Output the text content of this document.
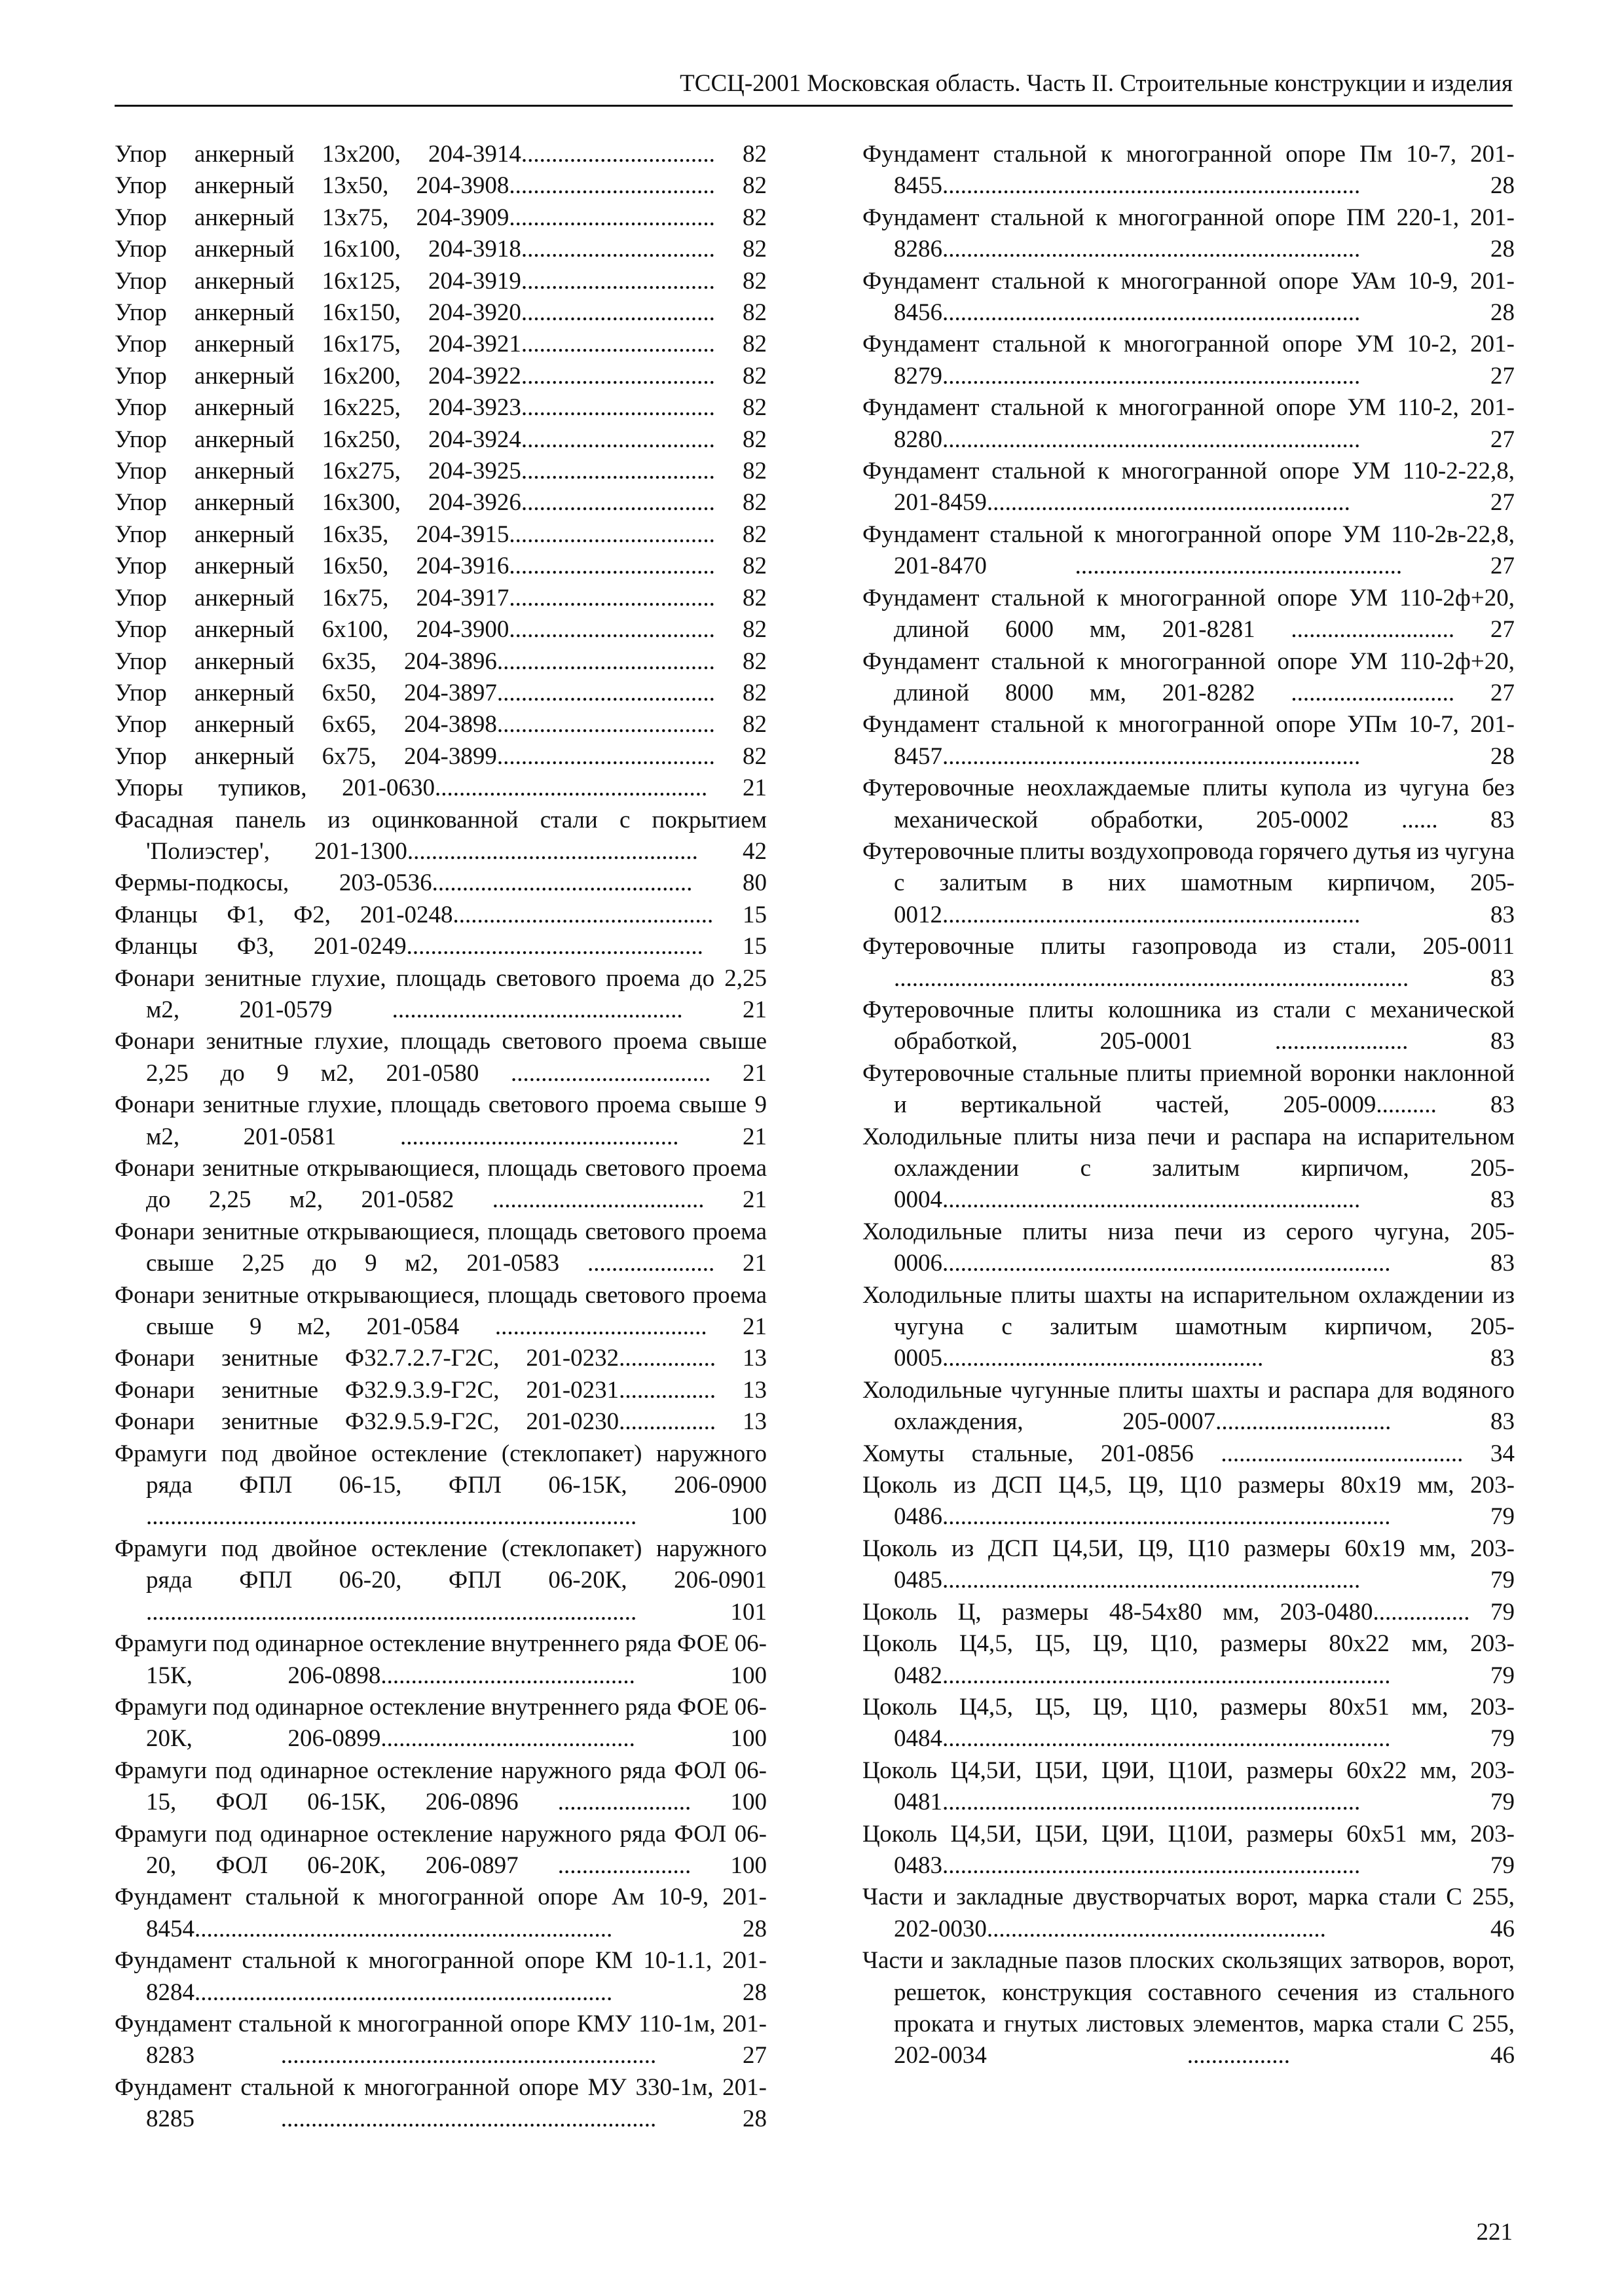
ТССЦ-2001 Московская область. Часть II. Строительные конструкции и изделия
Упор анкерный 13x200, 204-3914................................ 82
Упор анкерный 13x50, 204-3908.................................. 82
Упор анкерный 13x75, 204-3909.................................. 82
Упор анкерный 16x100, 204-3918................................ 82
Упор анкерный 16x125, 204-3919................................ 82
Упор анкерный 16x150, 204-3920................................ 82
Упор анкерный 16x175, 204-3921................................ 82
Упор анкерный 16x200, 204-3922................................ 82
Упор анкерный 16x225, 204-3923................................ 82
Упор анкерный 16x250, 204-3924................................ 82
Упор анкерный 16x275, 204-3925................................ 82
Упор анкерный 16x300, 204-3926................................ 82
Упор анкерный 16x35, 204-3915.................................. 82
Упор анкерный 16x50, 204-3916.................................. 82
Упор анкерный 16x75, 204-3917.................................. 82
Упор анкерный 6x100, 204-3900.................................. 82
Упор анкерный 6x35, 204-3896.................................... 82
Упор анкерный 6x50, 204-3897.................................... 82
Упор анкерный 6x65, 204-3898.................................... 82
Упор анкерный 6x75, 204-3899.................................... 82
Упоры тупиков, 201-0630............................................. 21
Фасадная панель из оцинкованной стали с покрытием 'Полиэстер', 201-1300................................................ 42
Фермы-подкосы, 203-0536........................................... 80
Фланцы Ф1, Ф2, 201-0248........................................... 15
Фланцы Ф3, 201-0249................................................. 15
Фонари зенитные глухие, площадь светового проема до 2,25 м2, 201-0579 ................................................ 21
Фонари зенитные глухие, площадь светового проема свыше 2,25 до 9 м2, 201-0580 ................................. 21
Фонари зенитные глухие, площадь светового проема свыше 9 м2, 201-0581 .............................................. 21
Фонари зенитные открывающиеся, площадь светового проема до 2,25 м2, 201-0582 ................................... 21
Фонари зенитные открывающиеся, площадь светового проема свыше 2,25 до 9 м2, 201-0583 ..................... 21
Фонари зенитные открывающиеся, площадь светового проема свыше 9 м2, 201-0584 ................................... 21
Фонари зенитные Ф32.7.2.7-Г2С, 201-0232................ 13
Фонари зенитные Ф32.9.3.9-Г2С, 201-0231................ 13
Фонари зенитные Ф32.9.5.9-Г2С, 201-0230................ 13
Фрамуги под двойное остекление (стеклопакет) наружного ряда ФПЛ 06-15, ФПЛ 06-15К, 206-0900 ................................................................................. 100
Фрамуги под двойное остекление (стеклопакет) наружного ряда ФПЛ 06-20, ФПЛ 06-20К, 206-0901 ................................................................................. 101
Фрамуги под одинарное остекление внутреннего ряда ФОЕ 06-15К, 206-0898.......................................... 100
Фрамуги под одинарное остекление внутреннего ряда ФОЕ 06-20К, 206-0899.......................................... 100
Фрамуги под одинарное остекление наружного ряда ФОЛ 06-15, ФОЛ 06-15К, 206-0896 ...................... 100
Фрамуги под одинарное остекление наружного ряда ФОЛ 06-20, ФОЛ 06-20К, 206-0897 ...................... 100
Фундамент стальной к многогранной опоре Ам 10-9, 201-8454..................................................................... 28
Фундамент стальной к многогранной опоре КМ 10-1.1, 201-8284..................................................................... 28
Фундамент стальной к многогранной опоре КМУ 110-1м, 201-8283 .............................................................. 27
Фундамент стальной к многогранной опоре МУ 330-1м, 201-8285 .............................................................. 28
Фундамент стальной к многогранной опоре Пм 10-7, 201-8455..................................................................... 28
Фундамент стальной к многогранной опоре ПМ 220-1, 201-8286..................................................................... 28
Фундамент стальной к многогранной опоре УАм 10-9, 201-8456..................................................................... 28
Фундамент стальной к многогранной опоре УМ 10-2, 201-8279..................................................................... 27
Фундамент стальной к многогранной опоре УМ 110-2, 201-8280..................................................................... 27
Фундамент стальной к многогранной опоре УМ 110-2-22,8, 201-8459............................................................ 27
Фундамент стальной к многогранной опоре УМ 110-2в-22,8, 201-8470 ...................................................... 27
Фундамент стальной к многогранной опоре УМ 110-2ф+20, длиной 6000 мм, 201-8281 ........................... 27
Фундамент стальной к многогранной опоре УМ 110-2ф+20, длиной 8000 мм, 201-8282 ........................... 27
Фундамент стальной к многогранной опоре УПм 10-7, 201-8457..................................................................... 28
Футеровочные неохлаждаемые плиты купола из чугуна без механической обработки, 205-0002 ...... 83
Футеровочные плиты воздухопровода горячего дутья из чугуна с залитым в них шамотным кирпичом, 205-0012..................................................................... 83
Футеровочные плиты газопровода из стали, 205-0011 ..................................................................................... 83
Футеровочные плиты колошника из стали с механической обработкой, 205-0001 ...................... 83
Футеровочные стальные плиты приемной воронки наклонной и вертикальной частей, 205-0009.......... 83
Холодильные плиты низа печи и распара на испарительном охлаждении с залитым кирпичом, 205-0004..................................................................... 83
Холодильные плиты низа печи из серого чугуна, 205-0006.......................................................................... 83
Холодильные плиты шахты на испарительном охлаждении из чугуна с залитым шамотным кирпичом, 205-0005..................................................... 83
Холодильные чугунные плиты шахты и распара для водяного охлаждения, 205-0007............................. 83
Хомуты стальные, 201-0856 ........................................ 34
Цоколь из ДСП Ц4,5, Ц9, Ц10 размеры 80x19 мм, 203-0486.......................................................................... 79
Цоколь из ДСП Ц4,5И, Ц9, Ц10 размеры 60x19 мм, 203-0485..................................................................... 79
Цоколь Ц, размеры 48-54x80 мм, 203-0480................ 79
Цоколь Ц4,5, Ц5, Ц9, Ц10, размеры 80x22 мм, 203-0482.......................................................................... 79
Цоколь Ц4,5, Ц5, Ц9, Ц10, размеры 80x51 мм, 203-0484.......................................................................... 79
Цоколь Ц4,5И, Ц5И, Ц9И, Ц10И, размеры 60x22 мм, 203-0481..................................................................... 79
Цоколь Ц4,5И, Ц5И, Ц9И, Ц10И, размеры 60x51 мм, 203-0483..................................................................... 79
Части и закладные двустворчатых ворот, марка стали С 255, 202-0030........................................................ 46
Части и закладные пазов плоских скользящих затворов, ворот, решеток, конструкция составного сечения из стального проката и гнутых листовых элементов, марка стали С 255, 202-0034 ................. 46
221
